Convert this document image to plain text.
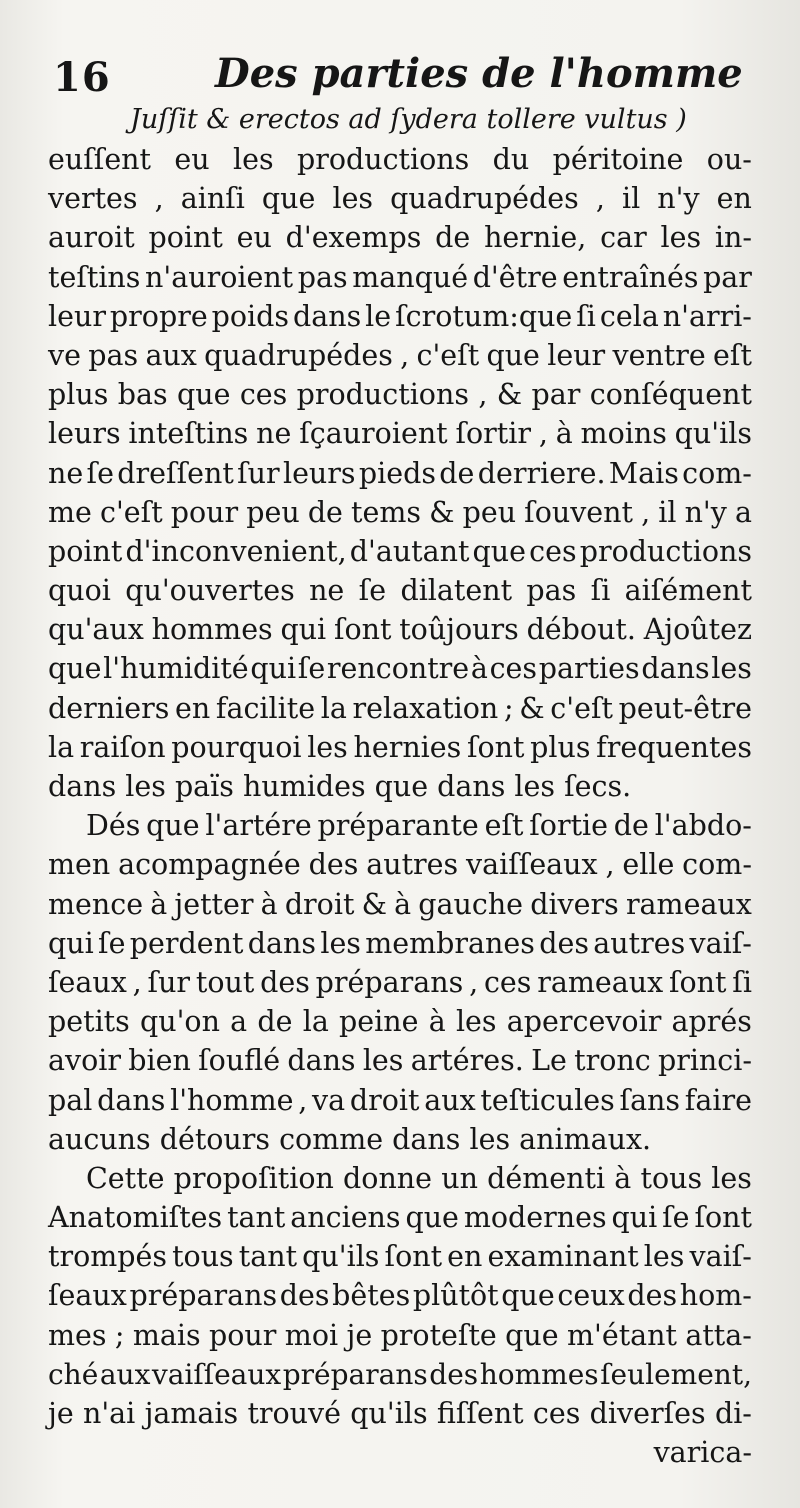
16	Des parties de l'homme
Juſſit & erectos ad ſydera tollere vultus )
euſſent eu les productions du péritoine ou-
vertes , ainſi que les quadrupédes , il n'y en
auroit point eu d'exemps de hernie, car les in-
teſtins n'auroient pas manqué d'être entraînés par
leur propre poids dans le ſcrotum:que ſi cela n'arri-
ve pas aux quadrupédes , c'eſt que leur ventre eſt
plus bas que ces productions , & par conſéquent
leurs inteſtins ne ſçauroient ſortir , à moins qu'ils
ne ſe dreſſent ſur leurs pieds de derriere. Mais com-
me c'eſt pour peu de tems & peu ſouvent , il n'y a
point d'inconvenient, d'autant que ces productions
quoi qu'ouvertes ne ſe dilatent pas ſi aiſément
qu'aux hommes qui ſont toûjours débout. Ajoûtez
que l'humidité qui ſe rencontre à ces parties dans les
derniers en facilite la relaxation ; & c'eſt peut-être
la raiſon pourquoi les hernies ſont plus frequentes
dans les païs humides que dans les ſecs.
Dés que l'artére préparante eſt ſortie de l'abdo-
men acompagnée des autres vaiſſeaux , elle com-
mence à jetter à droit & à gauche divers rameaux
qui ſe perdent dans les membranes des autres vaiſ-
ſeaux , ſur tout des préparans , ces rameaux ſont ſi
petits qu'on a de la peine à les apercevoir aprés
avoir bien ſouflé dans les artéres. Le tronc princi-
pal dans l'homme , va droit aux teſticules ſans faire
aucuns détours comme dans les animaux.
Cette propoſition donne un démenti à tous les
Anatomiſtes tant anciens que modernes qui ſe ſont
trompés tous tant qu'ils ſont en examinant les vaiſ-
ſeaux préparans des bêtes plûtôt que ceux des hom-
mes ; mais pour moi je proteſte que m'étant atta-
ché aux vaiſſeaux préparans des hommes ſeulement,
je n'ai jamais trouvé qu'ils fiſſent ces diverſes di-
varica-
